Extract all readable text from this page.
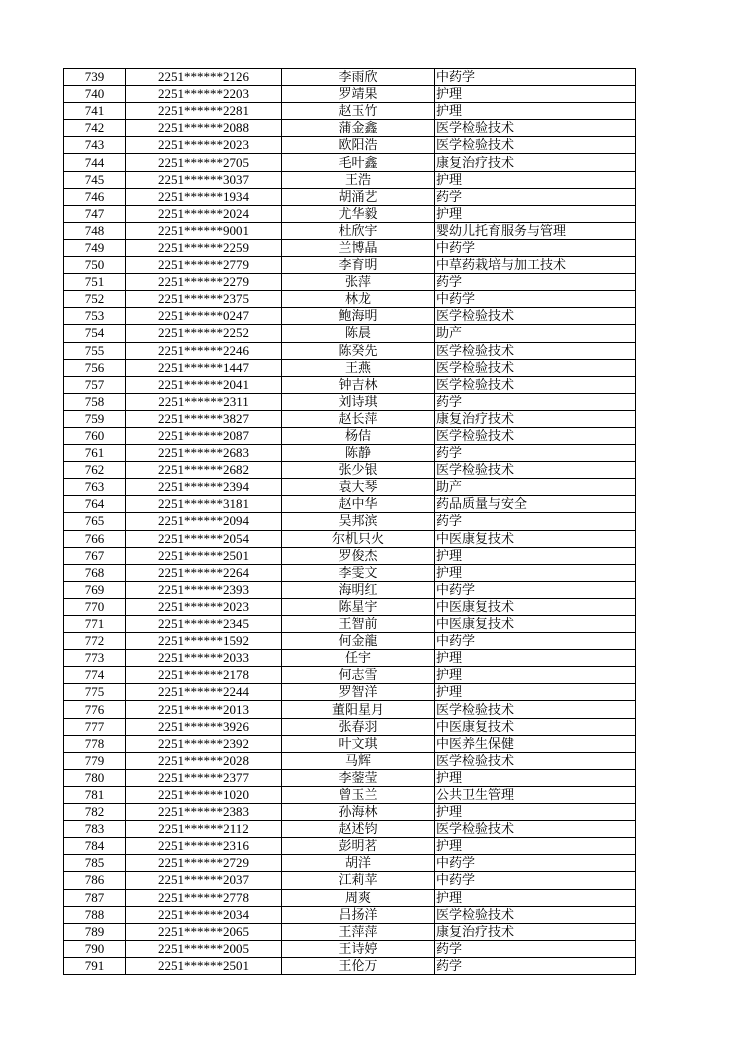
739	2251******2126	李雨欣	中药学
740	2251******2203	罗靖果	护理
741	2251******2281	赵玉竹	护理
742	2251******2088	蒲金鑫	医学检验技术
743	2251******2023	欧阳浩	医学检验技术
744	2251******2705	毛叶鑫	康复治疗技术
745	2251******3037	王浩	护理
746	2251******1934	胡涌艺	药学
747	2251******2024	尤华毅	护理
748	2251******9001	杜欣宇	婴幼儿托育服务与管理
749	2251******2259	兰博晶	中药学
750	2251******2779	李育明	中草药栽培与加工技术
751	2251******2279	张萍	药学
752	2251******2375	林龙	中药学
753	2251******0247	鲍海明	医学检验技术
754	2251******2252	陈晨	助产
755	2251******2246	陈癸先	医学检验技术
756	2251******1447	王燕	医学检验技术
757	2251******2041	钟吉林	医学检验技术
758	2251******2311	刘诗琪	药学
759	2251******3827	赵长萍	康复治疗技术
760	2251******2087	杨佶	医学检验技术
761	2251******2683	陈静	药学
762	2251******2682	张少银	医学检验技术
763	2251******2394	袁大琴	助产
764	2251******3181	赵中华	药品质量与安全
765	2251******2094	吴邦滨	药学
766	2251******2054	尔机只火	中医康复技术
767	2251******2501	罗俊杰	护理
768	2251******2264	李雯文	护理
769	2251******2393	海明红	中药学
770	2251******2023	陈星宇	中医康复技术
771	2251******2345	王智前	中医康复技术
772	2251******1592	何金龍	中药学
773	2251******2033	任宇	护理
774	2251******2178	何志雪	护理
775	2251******2244	罗智洋	护理
776	2251******2013	董阳星月	医学检验技术
777	2251******3926	张春羽	中医康复技术
778	2251******2392	叶文琪	中医养生保健
779	2251******2028	马辉	医学检验技术
780	2251******2377	李蓥莹	护理
781	2251******1020	曾玉兰	公共卫生管理
782	2251******2383	孙海林	护理
783	2251******2112	赵述钧	医学检验技术
784	2251******2316	彭明茗	护理
785	2251******2729	胡洋	中药学
786	2251******2037	江莉苹	中药学
787	2251******2778	周爽	护理
788	2251******2034	吕扬洋	医学检验技术
789	2251******2065	王萍萍	康复治疗技术
790	2251******2005	王诗婷	药学
791	2251******2501	王伦万	药学
